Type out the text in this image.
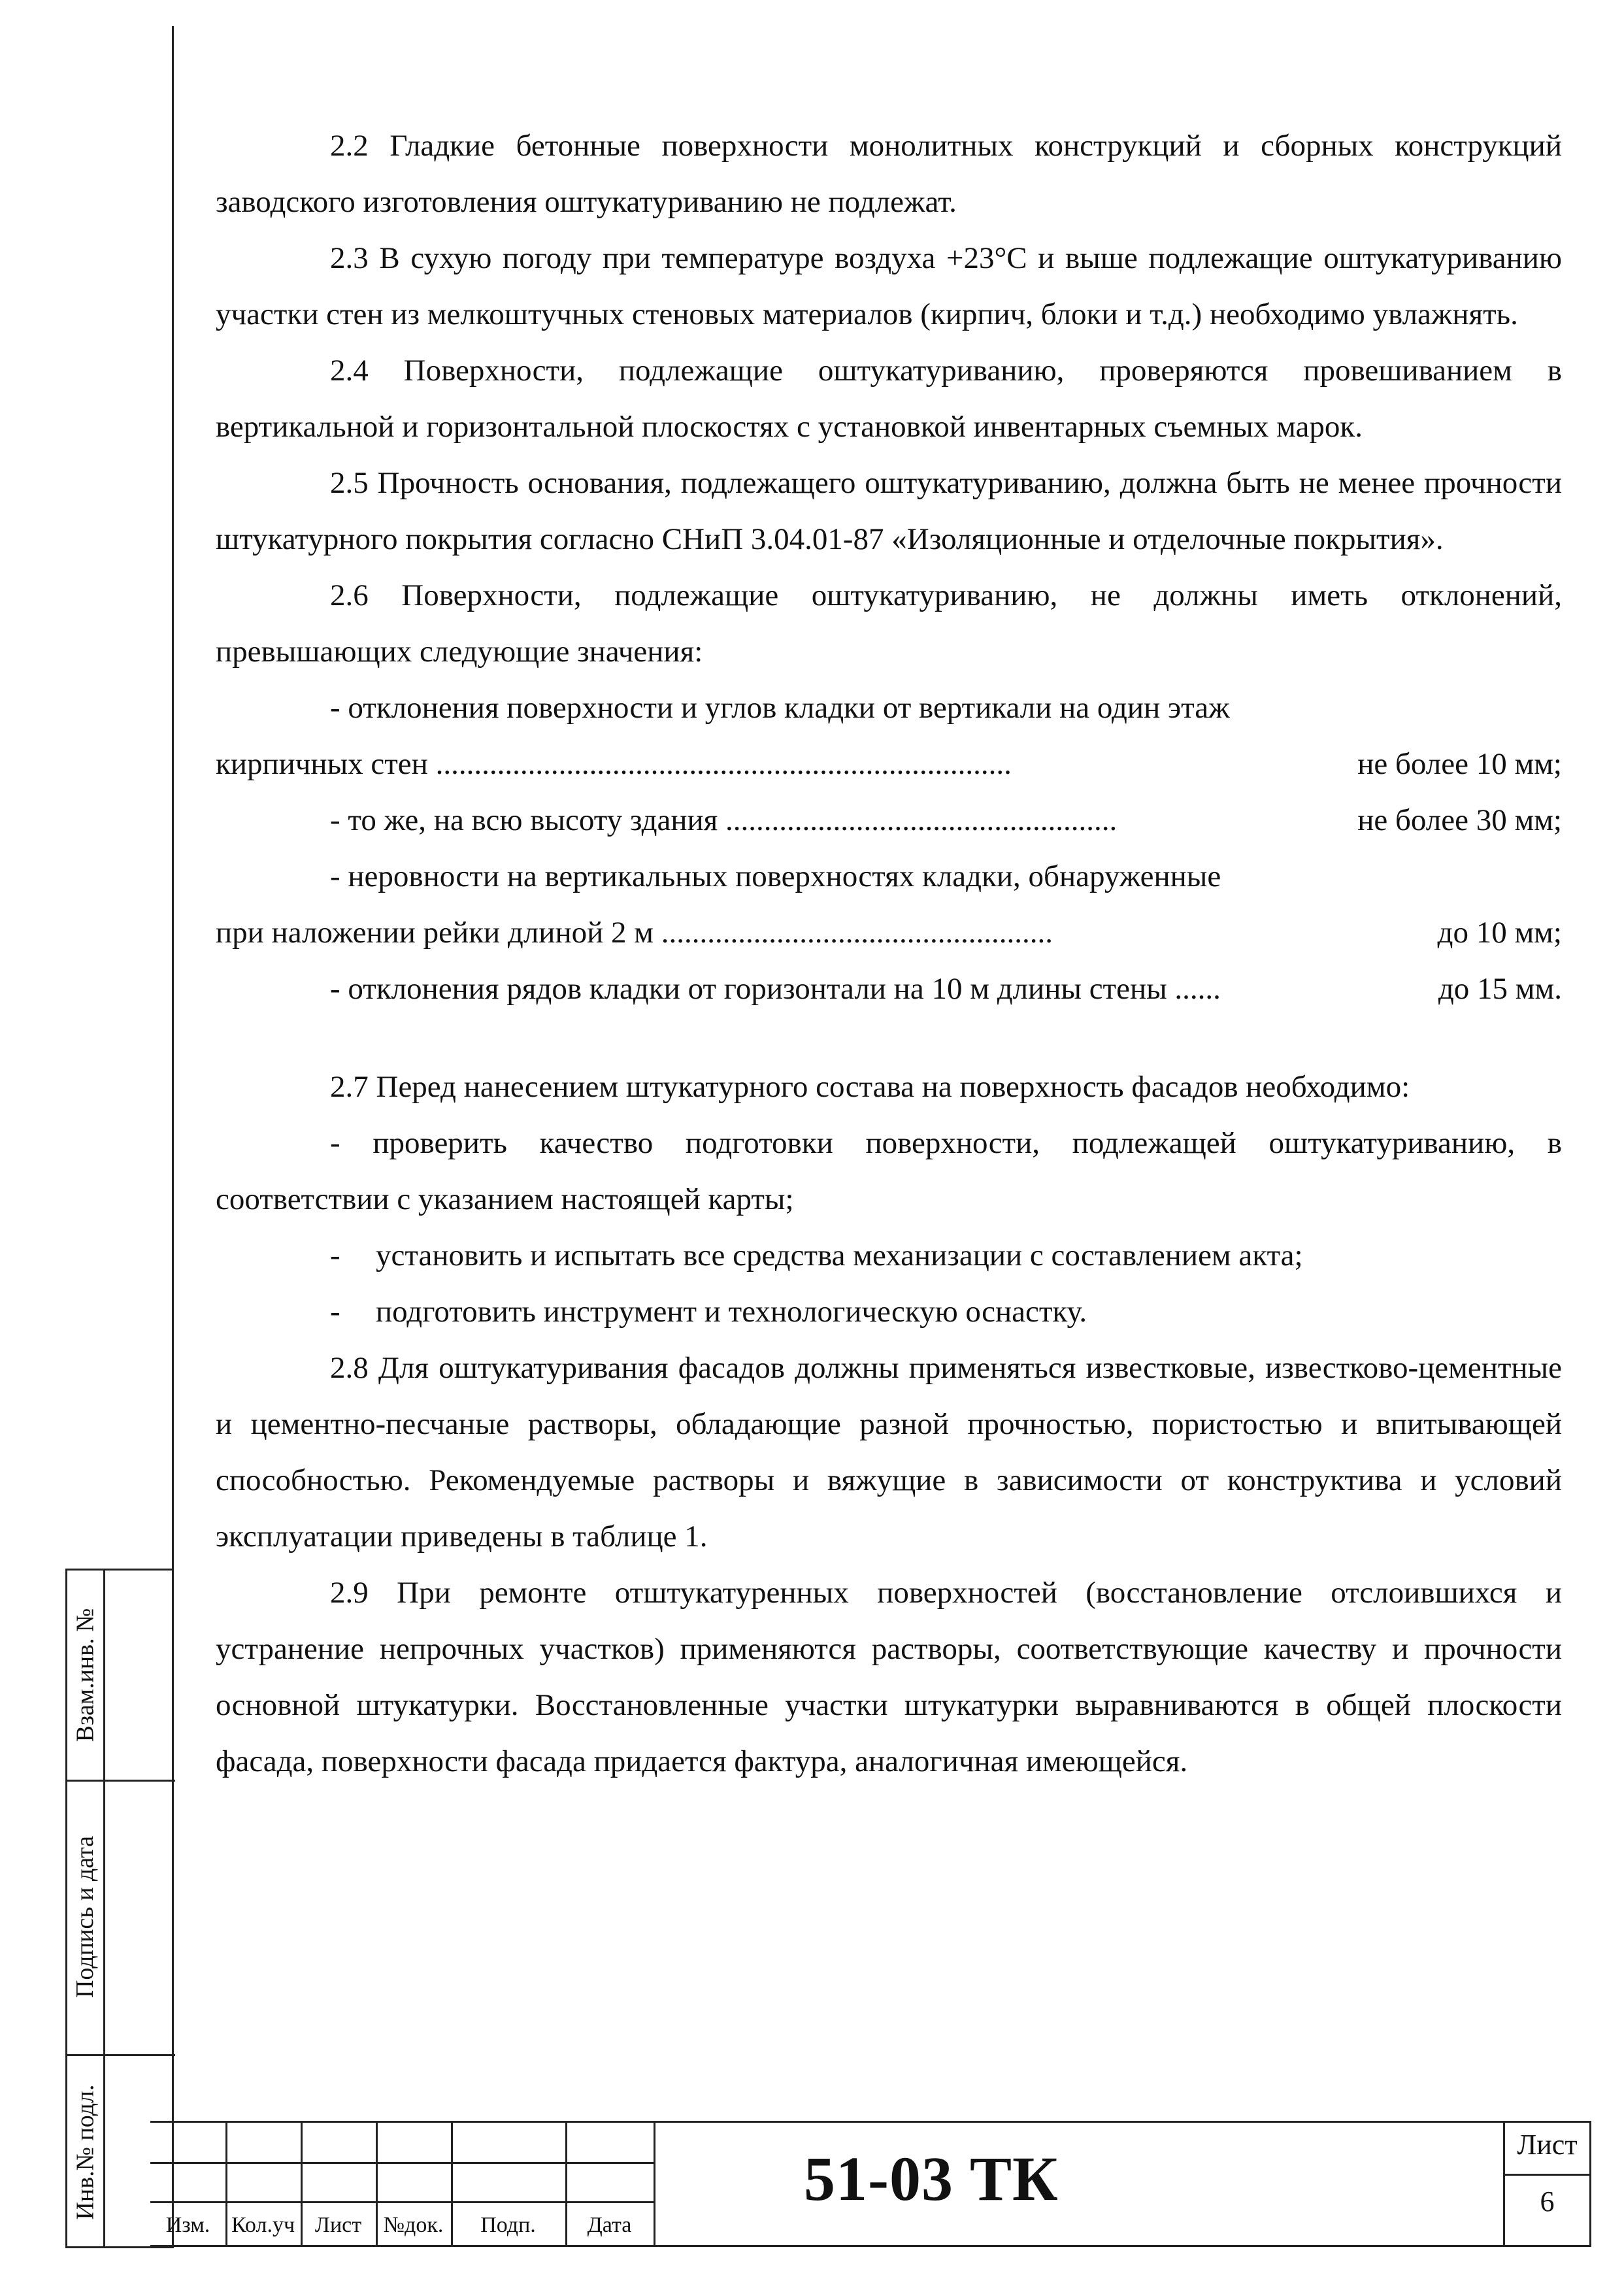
2.2 Гладкие бетонные поверхности монолитных конструкций и сборных конструкций заводского изготовления оштукатуриванию не подлежат.

2.3 В сухую погоду при температуре воздуха +23°С и выше подлежащие оштукатуриванию участки стен из мелкоштучных стеновых материалов (кирпич, блоки и т.д.) необходимо увлажнять.

2.4 Поверхности, подлежащие оштукатуриванию, проверяются провешиванием в вертикальной и горизонтальной плоскостях с установкой инвентарных съемных марок.

2.5 Прочность основания, подлежащего оштукатуриванию, должна быть не менее прочности штукатурного покрытия согласно СНиП 3.04.01-87 «Изоляционные и отделочные покрытия».

2.6 Поверхности, подлежащие оштукатуриванию, не должны иметь отклонений, превышающих следующие значения:

- отклонения поверхности и углов кладки от вертикали на один этаж
кирпичных стен ...........................................................................	не более 10 мм;
- то же, на всю высоту здания ...................................................	не более 30 мм;
- неровности на вертикальных поверхностях кладки, обнаруженные
при наложении рейки длиной 2 м ...................................................	до 10 мм;
- отклонения рядов кладки от горизонтали на 10 м длины стены ......	до 15 мм.

2.7 Перед нанесением штукатурного состава на поверхность фасадов необходимо:

- проверить качество подготовки поверхности, подлежащей оштукатуриванию, в соответствии с указанием настоящей карты;

-	установить и испытать все средства механизации с составлением акта;
-	подготовить инструмент и технологическую оснастку.

2.8 Для оштукатуривания фасадов должны применяться известковые, известково-цементные и цементно-песчаные растворы, обладающие разной прочностью, пористостью и впитывающей способностью. Рекомендуемые растворы и вяжущие в зависимости от конструктива и условий эксплуатации приведены в таблице 1.

2.9 При ремонте отштукатуренных поверхностей (восстановление отслоившихся и устранение непрочных участков) применяются растворы, соответствующие качеству и прочности основной штукатурки. Восстановленные участки штукатурки выравниваются в общей плоскости фасада, поверхности фасада придается фактура, аналогичная имеющейся.

Взам.инв. №
Подпись и дата
Инв.№ подл.
Изм. Кол.уч Лист №док.	Подп.	Дата
51-03 ТК	Лист
6
